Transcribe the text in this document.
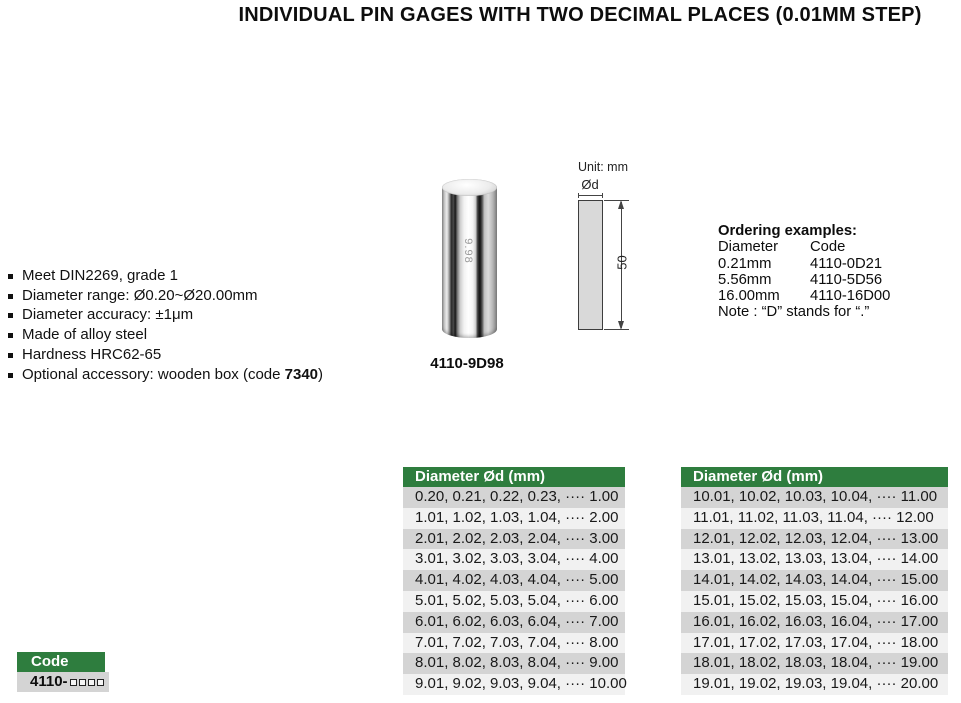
INDIVIDUAL PIN GAGES WITH TWO DECIMAL PLACES (0.01MM STEP)
Meet DIN2269, grade 1
Diameter range: Ø0.20~Ø20.00mm
Diameter accuracy: ±1μm
Made of alloy steel
Hardness HRC62-65
Optional accessory: wooden box (code 7340)
9.98
4110-9D98
Unit: mm
Ød
50
Ordering examples:
Diameter	Code
0.21mm	4110-0D21
5.56mm	4110-5D56
16.00mm	4110-16D00
Note : “D” stands for “.”
Diameter Ød (mm)
0.20, 0.21, 0.22, 0.23, ···· 1.00
1.01, 1.02, 1.03, 1.04, ···· 2.00
2.01, 2.02, 2.03, 2.04, ···· 3.00
3.01, 3.02, 3.03, 3.04, ···· 4.00
4.01, 4.02, 4.03, 4.04, ···· 5.00
5.01, 5.02, 5.03, 5.04, ···· 6.00
6.01, 6.02, 6.03, 6.04, ···· 7.00
7.01, 7.02, 7.03, 7.04, ···· 8.00
8.01, 8.02, 8.03, 8.04, ···· 9.00
9.01, 9.02, 9.03, 9.04, ···· 10.00
Diameter Ød (mm)
10.01, 10.02, 10.03, 10.04, ···· 11.00
11.01, 11.02, 11.03, 11.04, ···· 12.00
12.01, 12.02, 12.03, 12.04, ···· 13.00
13.01, 13.02, 13.03, 13.04, ···· 14.00
14.01, 14.02, 14.03, 14.04, ···· 15.00
15.01, 15.02, 15.03, 15.04, ···· 16.00
16.01, 16.02, 16.03, 16.04, ···· 17.00
17.01, 17.02, 17.03, 17.04, ···· 18.00
18.01, 18.02, 18.03, 18.04, ···· 19.00
19.01, 19.02, 19.03, 19.04, ···· 20.00
Code
4110-
